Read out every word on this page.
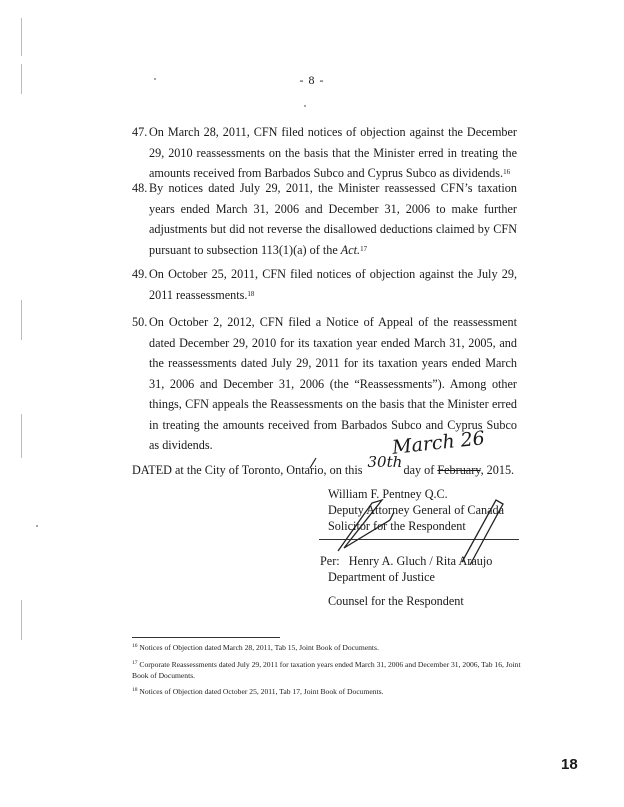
- 8 -
47. On March 28, 2011, CFN filed notices of objection against the December 29, 2010 reassessments on the basis that the Minister erred in treating the amounts received from Barbados Subco and Cyprus Subco as dividends.$^{16}$
48. By notices dated July 29, 2011, the Minister reassessed CFN’s taxation years ended March 31, 2006 and December 31, 2006 to make further adjustments but did not reverse the disallowed deductions claimed by CFN pursuant to subsection 113(1)(a) of the Act.$^{17}$
49. On October 25, 2011, CFN filed notices of objection against the July 29, 2011 reassessments.$^{18}$
50. On October 2, 2012, CFN filed a Notice of Appeal of the reassessment dated December 29, 2010 for its taxation year ended March 31, 2005, and the reassessments dated July 29, 2011 for its taxation years ended March 31, 2006 and December 31, 2006 (the “Reassessments”). Among other things, CFN appeals the Reassessments on the basis that the Minister erred in treating the amounts received from Barbados Subco and Cyprus Subco as dividends.
DATED at the City of Toronto, Ontario, on this 30th day of February, 2015.
March 26
William F. Pentney Q.C.
Deputy Attorney General of Canada
Solicitor for the Respondent
Per: Henry A. Gluch / Rita Araujo
Department of Justice
Counsel for the Respondent
$^{16}$ Notices of Objection dated March 28, 2011, Tab 15, Joint Book of Documents.
$^{17}$ Corporate Reassessments dated July 29, 2011 for taxation years ended March 31, 2006 and December 31, 2006, Tab 16, Joint Book of Documents.
$^{18}$ Notices of Objection dated October 25, 2011, Tab 17, Joint Book of Documents.
18
